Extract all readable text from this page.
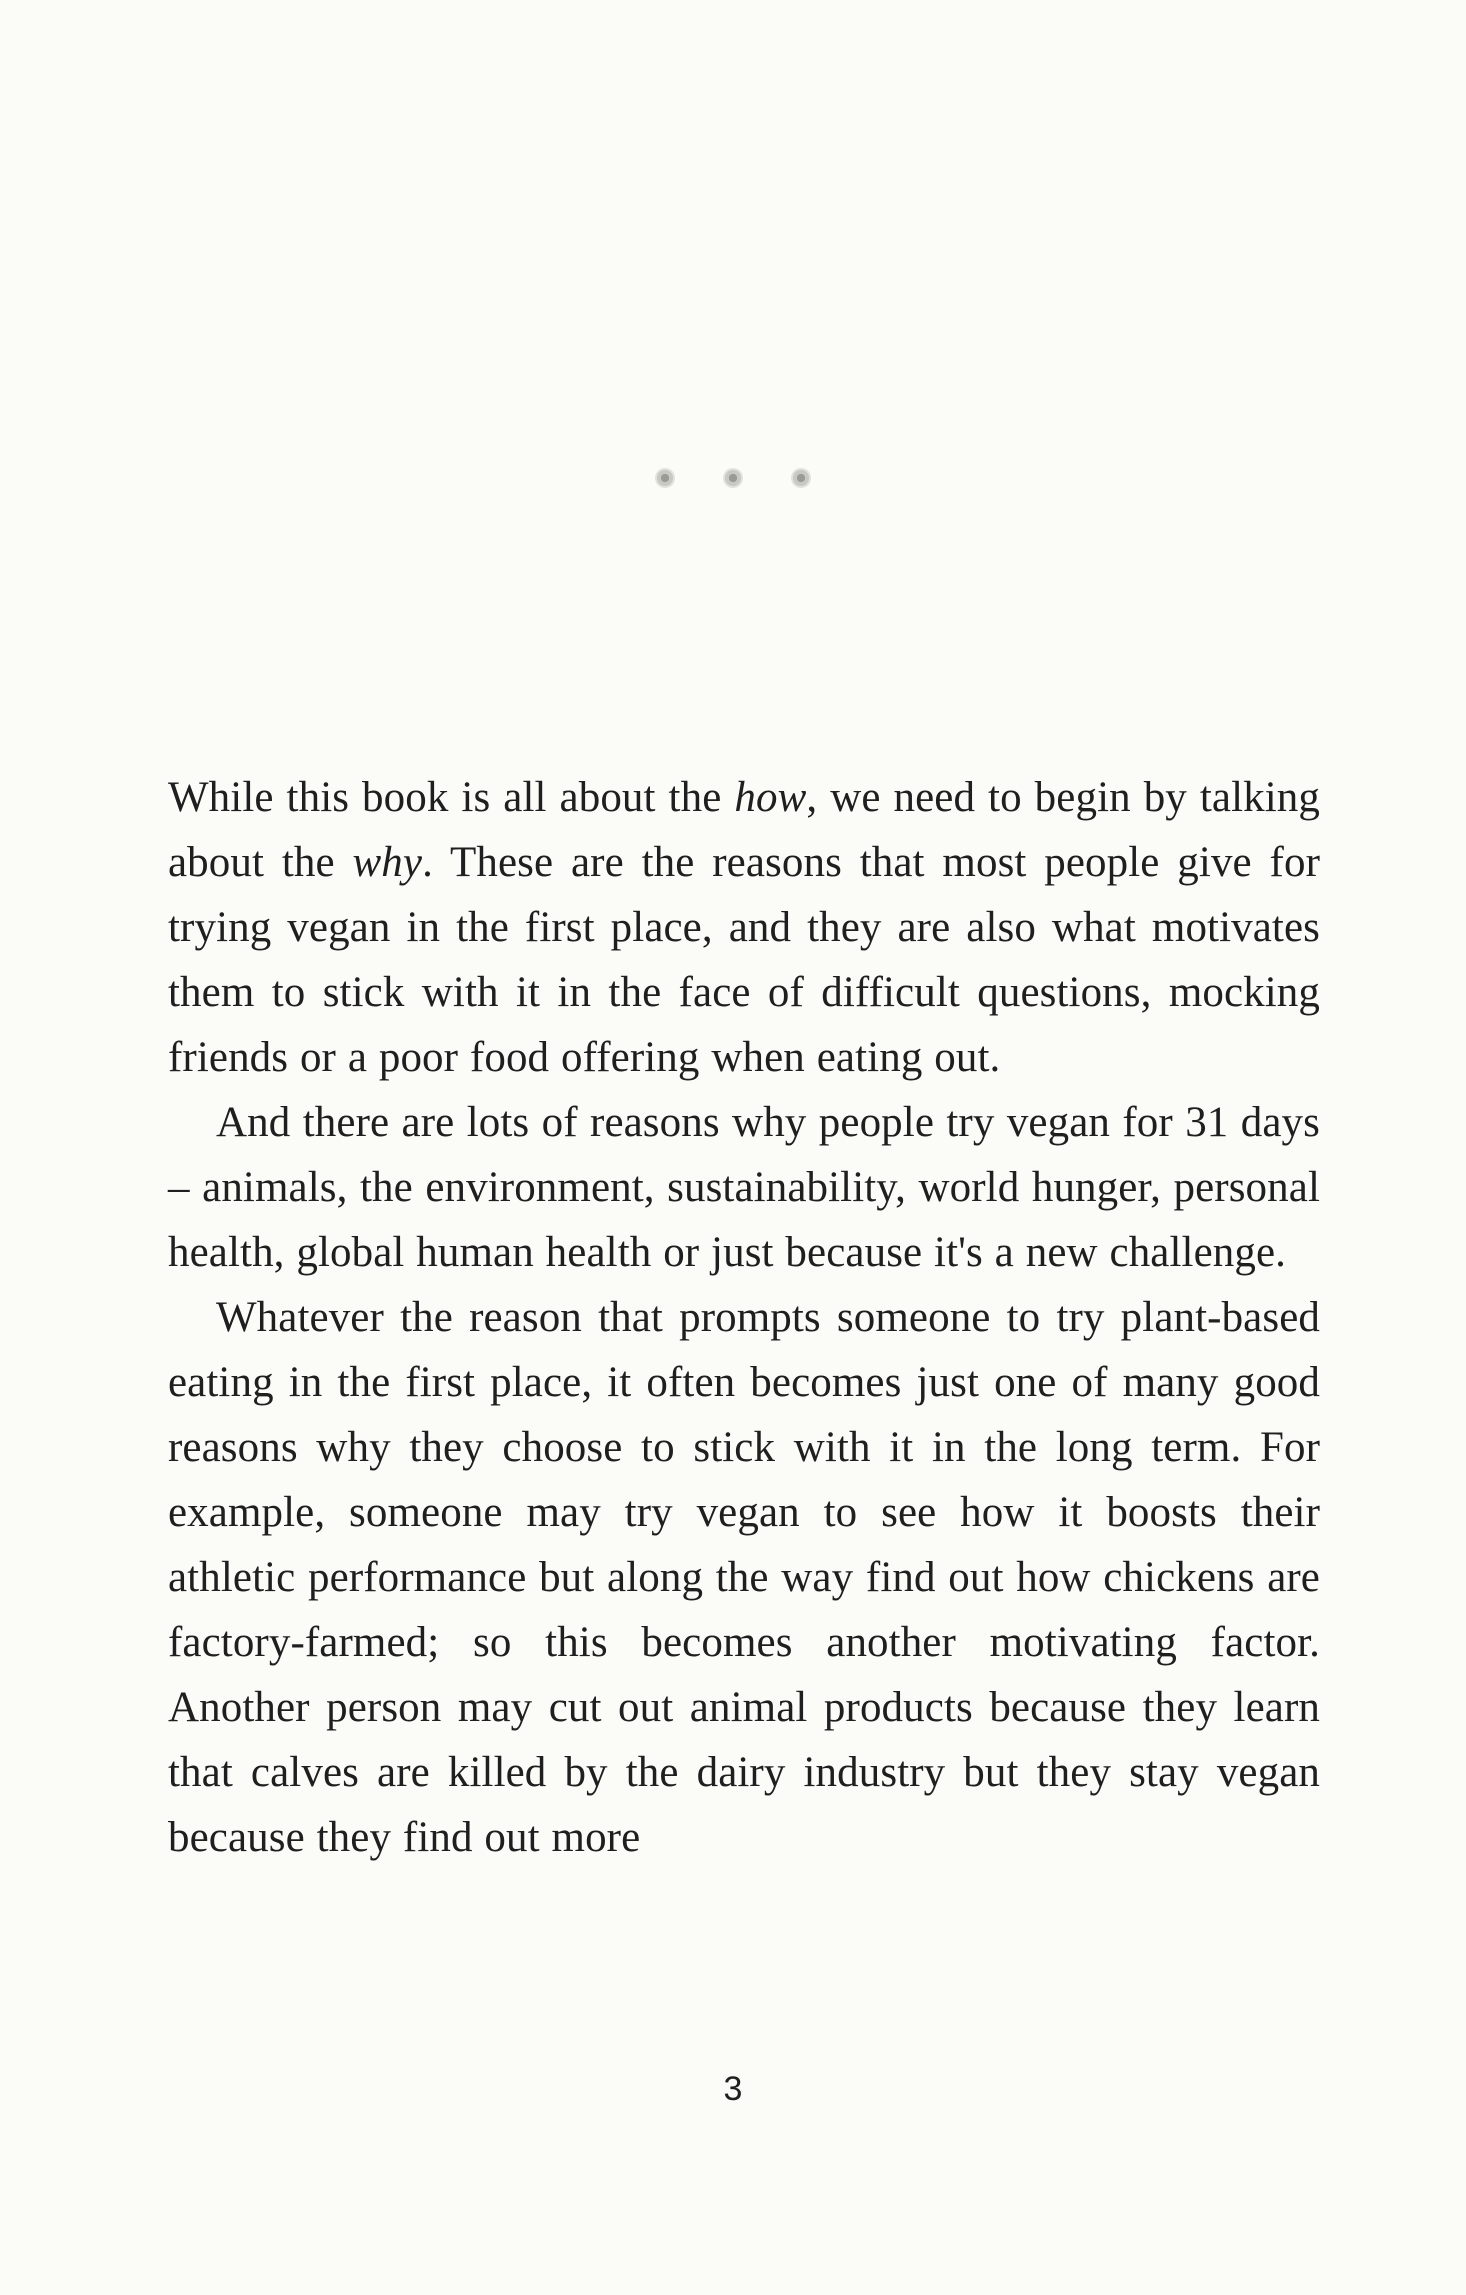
While this book is all about the how, we need to begin by talking about the why. These are the reasons that most people give for trying vegan in the first place, and they are also what motivates them to stick with it in the face of difficult questions, mocking friends or a poor food offering when eating out.

And there are lots of reasons why people try vegan for 31 days – animals, the environment, sustainability, world hunger, personal health, global human health or just because it's a new challenge.

Whatever the reason that prompts someone to try plant-based eating in the first place, it often becomes just one of many good reasons why they choose to stick with it in the long term. For example, someone may try vegan to see how it boosts their athletic performance but along the way find out how chickens are factory-farmed; so this becomes another motivating factor. Another person may cut out animal products because they learn that calves are killed by the dairy industry but they stay vegan because they find out more

3
